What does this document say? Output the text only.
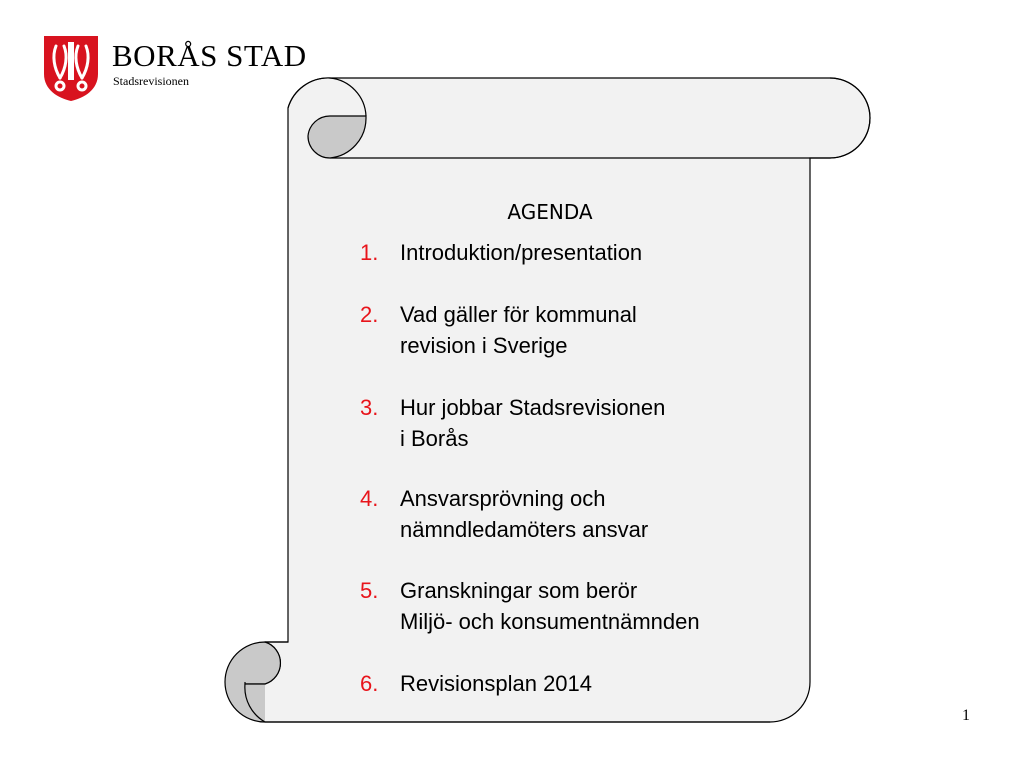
BORÅS STAD
Stadsrevisionen
AGENDA
1. Introduktion/presentation
2. Vad gäller för kommunal
revision i Sverige
3. Hur jobbar Stadsrevisionen
i Borås
4. Ansvarsprövning och
nämndledamöters ansvar
5. Granskningar som berör
Miljö- och konsumentnämnden
6. Revisionsplan 2014
1
